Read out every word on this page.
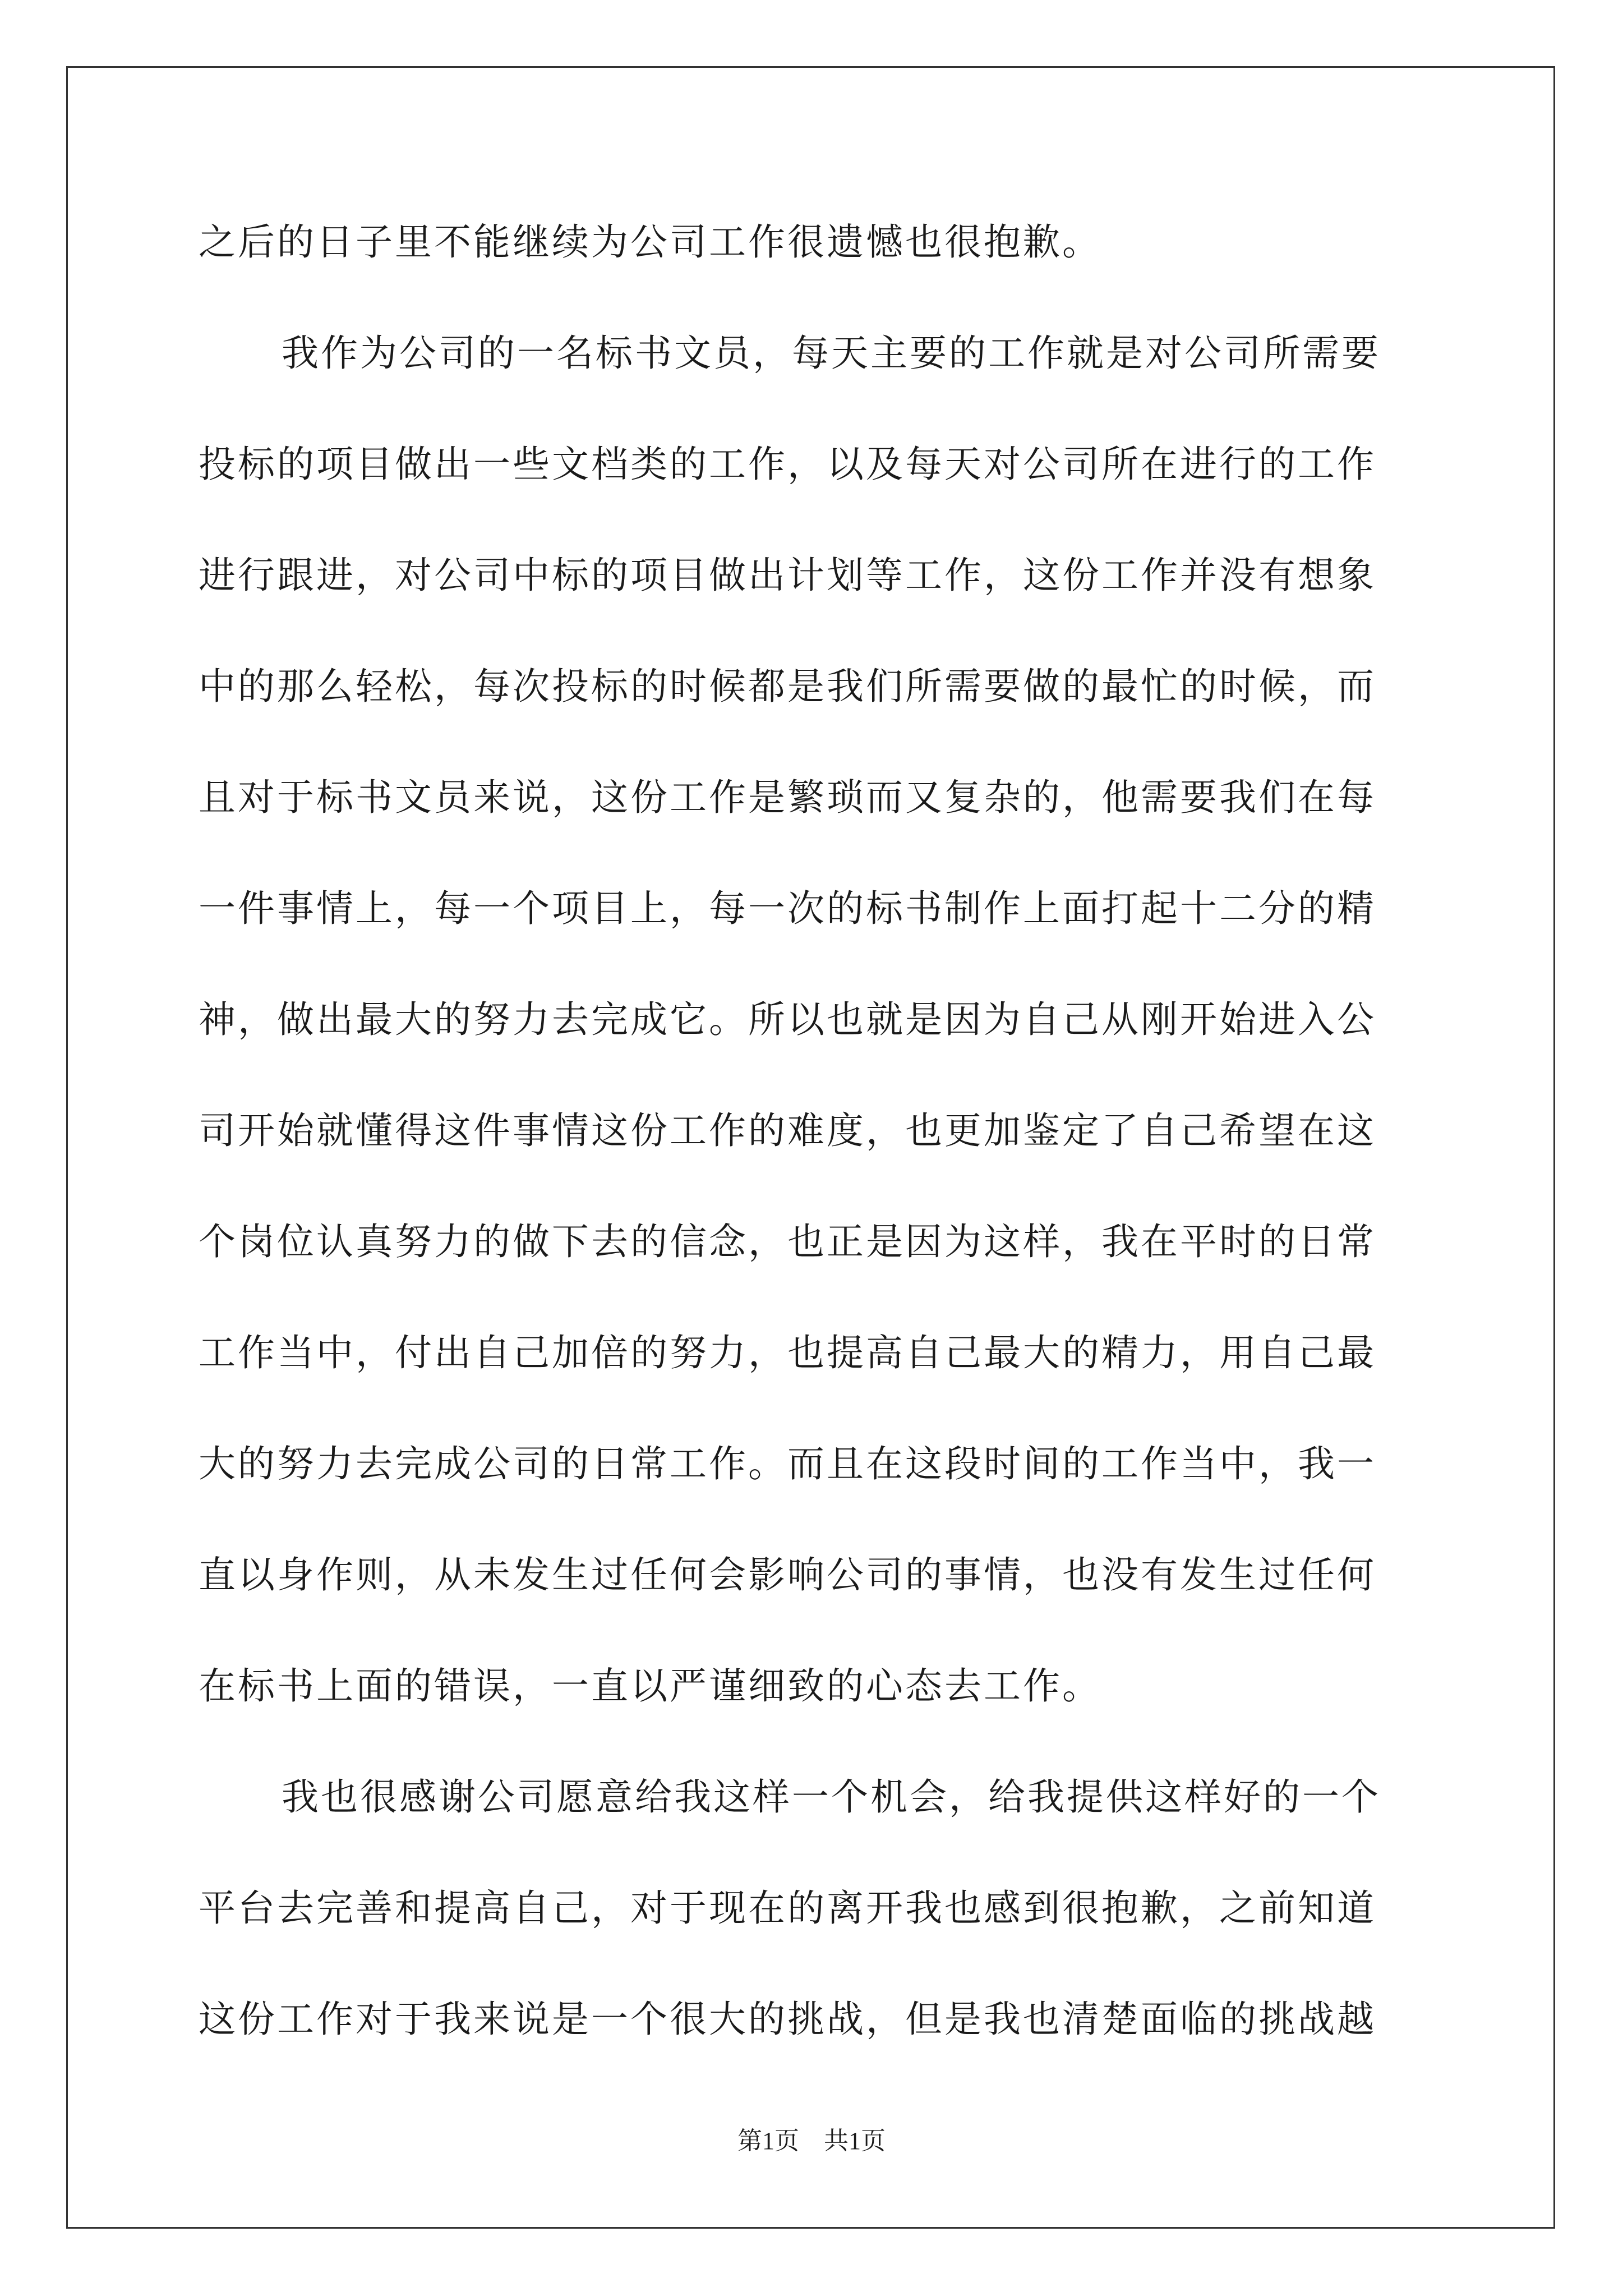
之后的日子里不能继续为公司工作很遗憾也很抱歉。
我作为公司的一名标书文员，每天主要的工作就是对公司所需要
投标的项目做出一些文档类的工作，以及每天对公司所在进行的工作
进行跟进，对公司中标的项目做出计划等工作，这份工作并没有想象
中的那么轻松，每次投标的时候都是我们所需要做的最忙的时候，而
且对于标书文员来说，这份工作是繁琐而又复杂的，他需要我们在每
一件事情上，每一个项目上，每一次的标书制作上面打起十二分的精
神，做出最大的努力去完成它。所以也就是因为自己从刚开始进入公
司开始就懂得这件事情这份工作的难度，也更加鉴定了自己希望在这
个岗位认真努力的做下去的信念，也正是因为这样，我在平时的日常
工作当中，付出自己加倍的努力，也提高自己最大的精力，用自己最
大的努力去完成公司的日常工作。而且在这段时间的工作当中，我一
直以身作则，从未发生过任何会影响公司的事情，也没有发生过任何
在标书上面的错误，一直以严谨细致的心态去工作。
我也很感谢公司愿意给我这样一个机会，给我提供这样好的一个
平台去完善和提高自己，对于现在的离开我也感到很抱歉，之前知道
这份工作对于我来说是一个很大的挑战，但是我也清楚面临的挑战越
第1页　共1页
